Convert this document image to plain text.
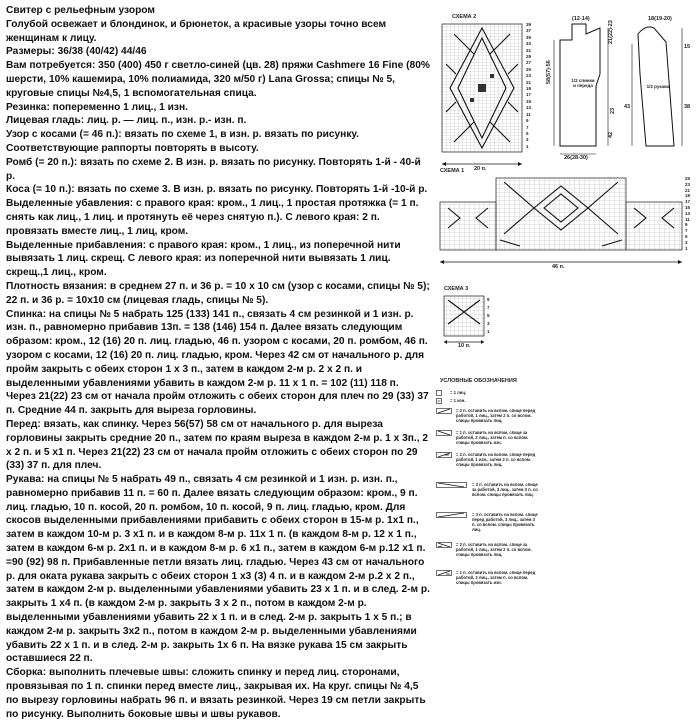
Свитер с рельефным узором

Голубой освежает и блондинок, и брюнеток, а красивые узоры точно всем женщинам к лицу.

Размеры: 36/38 (40/42) 44/46

Вам потребуется: 350 (400) 450 г светло-синей (цв. 28) пряжи Cashmere 16 Fine (80% шерсти, 10% кашемира, 10% полиамида, 320 м/50 г) Lana Grossa; спицы № 5, круговые спицы №4,5, 1 вспомогательная спица.

Резинка: попеременно 1 лиц., 1 изн.

Лицевая гладь: лиц. р. — лиц. п., изн. р.- изн. п.

Узор с косами (= 46 п.): вязать по схеме 1, в изн. р. вязать по рисунку. Соответствующие раппорты повторять в высоту.

Ромб (= 20 п.): вязать по схеме 2. В изн. р. вязать по рисунку. Повторять 1-й - 40-й р.

Коса (= 10 п.): вязать по схеме 3. В изн. р. вязать по рисунку. Повторять 1-й -10-й р.

Выделенные убавления: с правого края: кром., 1 лиц., 1 простая протяжка (= 1 п. снять как лиц., 1 лиц. и протянуть её через снятую п.). С левого края: 2 п. провязать вместе лиц., 1 лиц, кром.

Выделенные прибавления: с правого края: кром., 1 лиц., из поперечной нити вывязать 1 лиц. скрещ. С левого края: из поперечной нити вывязать 1 лиц. скрещ.,1 лиц., кром.

Плотность вязания: в среднем 27 п. и 36 р. = 10 х 10 см (узор с косами, спицы № 5); 22 п. и 36 р. = 10х10 см (лицевая гладь, спицы № 5).

Спинка: на спицы № 5 набрать 125 (133) 141 п., связать 4 см резинкой и 1 изн. р. изн. п., равномерно прибавив 13п. = 138 (146) 154 п. Далее вязать следующим образом: кром., 12 (16) 20 п. лиц. гладью, 46 п. узором с косами, 20 п. ромбом, 46 п. узором с косами, 12 (16) 20 п. лиц. гладью, кром. Через 42 см от начального р. для пройм закрыть с обеих сторон 1 х 3 п., затем в каждом 2-м р. 2 х 2 п. и выделенными убавлениями убавить в каждом 2-м р. 11 х 1 п. = 102 (11) 118 п. Через 21(22) 23 см от начала пройм отложить с обеих сторон для плеч по 29 (33) 37 п. Средние 44 п. закрыть для вырезa горловины.

Перед: вязать, как спинку. Через 56(57) 58 см от начального р. для выреза горловины закрыть средние 20 п., затем по краям выреза в каждом 2-м р. 1 х 3п., 2 х 2 п. и 5 х1 п. Через 21(22) 23 см от начала пройм отложить с обеих сторон по 29 (33) 37 п. для плеч.

Рукава: на спицы № 5 набрать 49 п., связать 4 см резинкой и 1 изн. р. изн. п., равномерно прибавив 11 п. = 60 п. Далее вязать следующим образом: кром., 9 п. лиц. гладью, 10 п. косой, 20 п. ромбом, 10 п. косой, 9 п. лиц. гладью, кром. Для скосов выделенными прибавлениями прибавить с обеих сторон в 15-м р. 1х1 п., затем в каждом 10-м р. 3 х1 п. и в каждом 8-м р. 11х 1 п. (в каждом 8-м р. 12 х 1 п., затем в каждом 6-м р. 2х1 п. и в каждом 8-м р. 6 х1 п., затем в каждом 6-м р.12 х1 п. =90 (92) 98 п. Прибавленные петли вязать лиц. гладью. Через 43 см от начального р. для оката рукава закрыть с обеих сторон 1 х3 (3) 4 п. и в каждом 2-м р.2 х 2 п., затем в каждом 2-м р. выделенными убавлениями убавить 23 х 1 п. и в след. 2-м р. закрыть 1 х4 п. (в каждом 2-м р. закрыть 3 х 2 п., потом в каждом 2-м р. выделенными убавлениями убавить 22 х 1 п. и в след. 2-м р. закрыть 1 х 5 п.; в каждом 2-м р. закрыть 3х2 п., потом в каждом 2-м р. выделенными убавлениями убавить 22 х 1 п. и в след. 2-м р. закрыть 1х 6 п. На вязке рукава 15 см закрыть оставшиеся 22 п.

Сборка: выполнить плечевые швы: сложить спинку и перед лиц. сторонами, провязывая по 1 п. спинки перед вместе лиц., закрывая их. На круг. спицы № 4,5 по вырезу горловины набрать 96 п. и вязать резинкой. Через 19 см петли закрыть по рисунку. Выполнить боковые швы и швы рукавов.

СХЕМА 2
20 п.
39
37
35
33
31
29
27
25
23
21
19
17
15
13
11
9
7
5
3
1
(12-14)
58(57)-56
21(22)-23
23
42
1/2 спинки и переда
26(28-30)
18(19-20)
15
38
43
1/2 рукава
СХЕМА 1
46 п.
25
23
21
19
17
15
13
11
9
7
5
3
1
СХЕМА 3
10 п.
9
7
5
3
1
УСЛОВНЫЕ ОБОЗНАЧЕНИЯ
= 1 лиц.
= 1 изн.
= 2 п. оставить на вспом. спице перед работой, 1 лиц., затем 2 п. со вспом. спицы провязать лиц.
= 1 п. оставить на вспом. спице за работой, 2 лиц., затем п. со вспом. спицы провязать изн.
= 2 п. оставить на вспом. спице перед работой, 1 изн., затем 2 п. со вспом. спицы провязать лиц.
= 3 п. оставить на вспом. спице за работой, 3 лиц., затем 3 п. со вспом. спицы провязать лиц.
= 3 п. оставить на вспом. спице перед работой, 3 лиц., затем 3 п. со вспом. спицы провязать лиц.
= 2 п. оставить на вспом. спице за работой, 1 лиц., затем 2 п. со вспом. спицы провязать лиц.
= 1 п. оставить на вспом. спице перед работой, 2 лиц., затем п. со вспом. спицы провязать изн.
